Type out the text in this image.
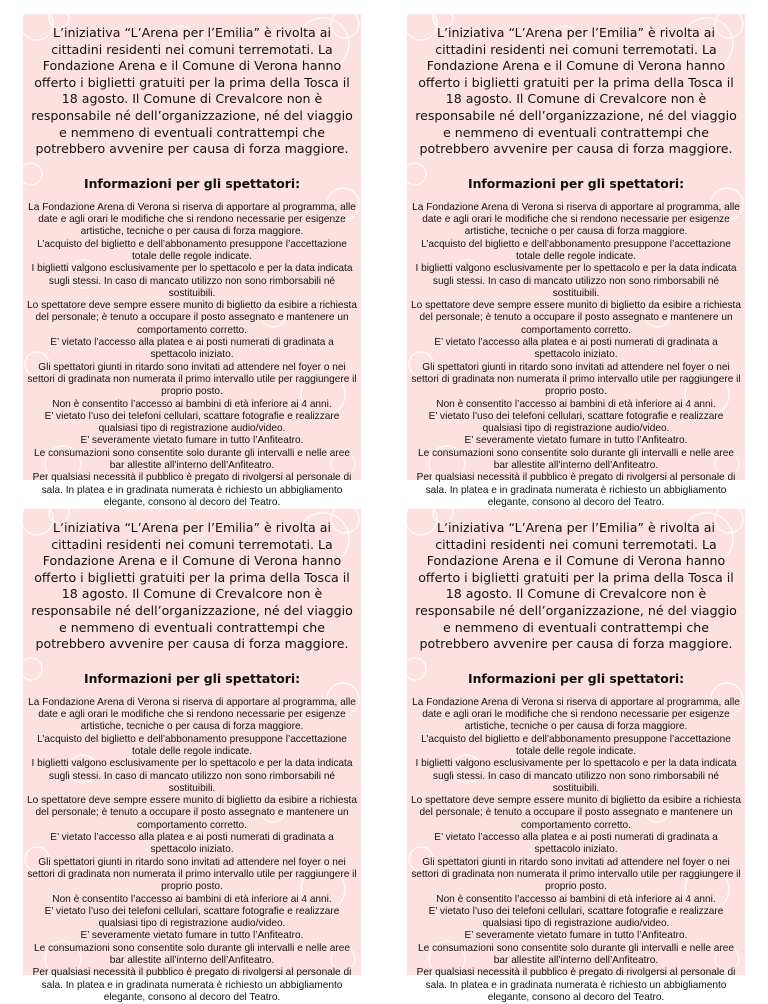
L’iniziativa “L’Arena per l’Emilia” è rivolta ai cittadini residenti nei comuni terremotati. La Fondazione Arena e il Comune di Verona hanno offerto i biglietti gratuiti per la prima della Tosca il 18 agosto. Il Comune di Crevalcore non è responsabile né dell’organizzazione, né del viaggio e nemmeno di eventuali contrattempi che potrebbero avvenire per causa di forza maggiore.
Informazioni per gli spettatori:

La Fondazione Arena di Verona si riserva di apportare al programma, alle date e agli orari le modifiche che si rendono necessarie per esigenze artistiche, tecniche o per causa di forza maggiore.

L’acquisto del biglietto e dell’abbonamento presuppone l’accettazione totale delle regole indicate.

I biglietti valgono esclusivamente per lo spettacolo e per la data indicata sugli stessi. In caso di mancato utilizzo non sono rimborsabili né sostituibili.

Lo spettatore deve sempre essere munito di biglietto da esibire a richiesta del personale; è tenuto a occupare il posto assegnato e mantenere un comportamento corretto.

E’ vietato l’accesso alla platea e ai posti numerati di gradinata a spettacolo iniziato.

Gli spettatori giunti in ritardo sono invitati ad attendere nel foyer o nei settori di gradinata non numerata il primo intervallo utile per raggiungere il proprio posto.

Non è consentito l’accesso ai bambini di età inferiore ai 4 anni.

E’ vietato l’uso dei telefoni cellulari, scattare fotografie e realizzare qualsiasi tipo di registrazione audio/video.

E’ severamente vietato fumare in tutto l’Anfiteatro.

Le consumazioni sono consentite solo durante gli intervalli e nelle aree bar allestite all’interno dell’Anfiteatro.

Per qualsiasi necessità il pubblico è pregato di rivolgersi al personale di sala. In platea e in gradinata numerata è richiesto un abbigliamento elegante, consono al decoro del Teatro.

L’iniziativa “L’Arena per l’Emilia” è rivolta ai cittadini residenti nei comuni terremotati. La Fondazione Arena e il Comune di Verona hanno offerto i biglietti gratuiti per la prima della Tosca il 18 agosto. Il Comune di Crevalcore non è responsabile né dell’organizzazione, né del viaggio e nemmeno di eventuali contrattempi che potrebbero avvenire per causa di forza maggiore.
Informazioni per gli spettatori:

La Fondazione Arena di Verona si riserva di apportare al programma, alle date e agli orari le modifiche che si rendono necessarie per esigenze artistiche, tecniche o per causa di forza maggiore.

L’acquisto del biglietto e dell’abbonamento presuppone l’accettazione totale delle regole indicate.

I biglietti valgono esclusivamente per lo spettacolo e per la data indicata sugli stessi. In caso di mancato utilizzo non sono rimborsabili né sostituibili.

Lo spettatore deve sempre essere munito di biglietto da esibire a richiesta del personale; è tenuto a occupare il posto assegnato e mantenere un comportamento corretto.

E’ vietato l’accesso alla platea e ai posti numerati di gradinata a spettacolo iniziato.

Gli spettatori giunti in ritardo sono invitati ad attendere nel foyer o nei settori di gradinata non numerata il primo intervallo utile per raggiungere il proprio posto.

Non è consentito l’accesso ai bambini di età inferiore ai 4 anni.

E’ vietato l’uso dei telefoni cellulari, scattare fotografie e realizzare qualsiasi tipo di registrazione audio/video.

E’ severamente vietato fumare in tutto l’Anfiteatro.

Le consumazioni sono consentite solo durante gli intervalli e nelle aree bar allestite all’interno dell’Anfiteatro.

Per qualsiasi necessità il pubblico è pregato di rivolgersi al personale di sala. In platea e in gradinata numerata è richiesto un abbigliamento elegante, consono al decoro del Teatro.

L’iniziativa “L’Arena per l’Emilia” è rivolta ai cittadini residenti nei comuni terremotati. La Fondazione Arena e il Comune di Verona hanno offerto i biglietti gratuiti per la prima della Tosca il 18 agosto. Il Comune di Crevalcore non è responsabile né dell’organizzazione, né del viaggio e nemmeno di eventuali contrattempi che potrebbero avvenire per causa di forza maggiore.
Informazioni per gli spettatori:

La Fondazione Arena di Verona si riserva di apportare al programma, alle date e agli orari le modifiche che si rendono necessarie per esigenze artistiche, tecniche o per causa di forza maggiore.

L’acquisto del biglietto e dell’abbonamento presuppone l’accettazione totale delle regole indicate.

I biglietti valgono esclusivamente per lo spettacolo e per la data indicata sugli stessi. In caso di mancato utilizzo non sono rimborsabili né sostituibili.

Lo spettatore deve sempre essere munito di biglietto da esibire a richiesta del personale; è tenuto a occupare il posto assegnato e mantenere un comportamento corretto.

E’ vietato l’accesso alla platea e ai posti numerati di gradinata a spettacolo iniziato.

Gli spettatori giunti in ritardo sono invitati ad attendere nel foyer o nei settori di gradinata non numerata il primo intervallo utile per raggiungere il proprio posto.

Non è consentito l’accesso ai bambini di età inferiore ai 4 anni.

E’ vietato l’uso dei telefoni cellulari, scattare fotografie e realizzare qualsiasi tipo di registrazione audio/video.

E’ severamente vietato fumare in tutto l’Anfiteatro.

Le consumazioni sono consentite solo durante gli intervalli e nelle aree bar allestite all’interno dell’Anfiteatro.

Per qualsiasi necessità il pubblico è pregato di rivolgersi al personale di sala. In platea e in gradinata numerata è richiesto un abbigliamento elegante, consono al decoro del Teatro.

L’iniziativa “L’Arena per l’Emilia” è rivolta ai cittadini residenti nei comuni terremotati. La Fondazione Arena e il Comune di Verona hanno offerto i biglietti gratuiti per la prima della Tosca il 18 agosto. Il Comune di Crevalcore non è responsabile né dell’organizzazione, né del viaggio e nemmeno di eventuali contrattempi che potrebbero avvenire per causa di forza maggiore.
Informazioni per gli spettatori:

La Fondazione Arena di Verona si riserva di apportare al programma, alle date e agli orari le modifiche che si rendono necessarie per esigenze artistiche, tecniche o per causa di forza maggiore.

L’acquisto del biglietto e dell’abbonamento presuppone l’accettazione totale delle regole indicate.

I biglietti valgono esclusivamente per lo spettacolo e per la data indicata sugli stessi. In caso di mancato utilizzo non sono rimborsabili né sostituibili.

Lo spettatore deve sempre essere munito di biglietto da esibire a richiesta del personale; è tenuto a occupare il posto assegnato e mantenere un comportamento corretto.

E’ vietato l’accesso alla platea e ai posti numerati di gradinata a spettacolo iniziato.

Gli spettatori giunti in ritardo sono invitati ad attendere nel foyer o nei settori di gradinata non numerata il primo intervallo utile per raggiungere il proprio posto.

Non è consentito l’accesso ai bambini di età inferiore ai 4 anni.

E’ vietato l’uso dei telefoni cellulari, scattare fotografie e realizzare qualsiasi tipo di registrazione audio/video.

E’ severamente vietato fumare in tutto l’Anfiteatro.

Le consumazioni sono consentite solo durante gli intervalli e nelle aree bar allestite all’interno dell’Anfiteatro.

Per qualsiasi necessità il pubblico è pregato di rivolgersi al personale di sala. In platea e in gradinata numerata è richiesto un abbigliamento elegante, consono al decoro del Teatro.
